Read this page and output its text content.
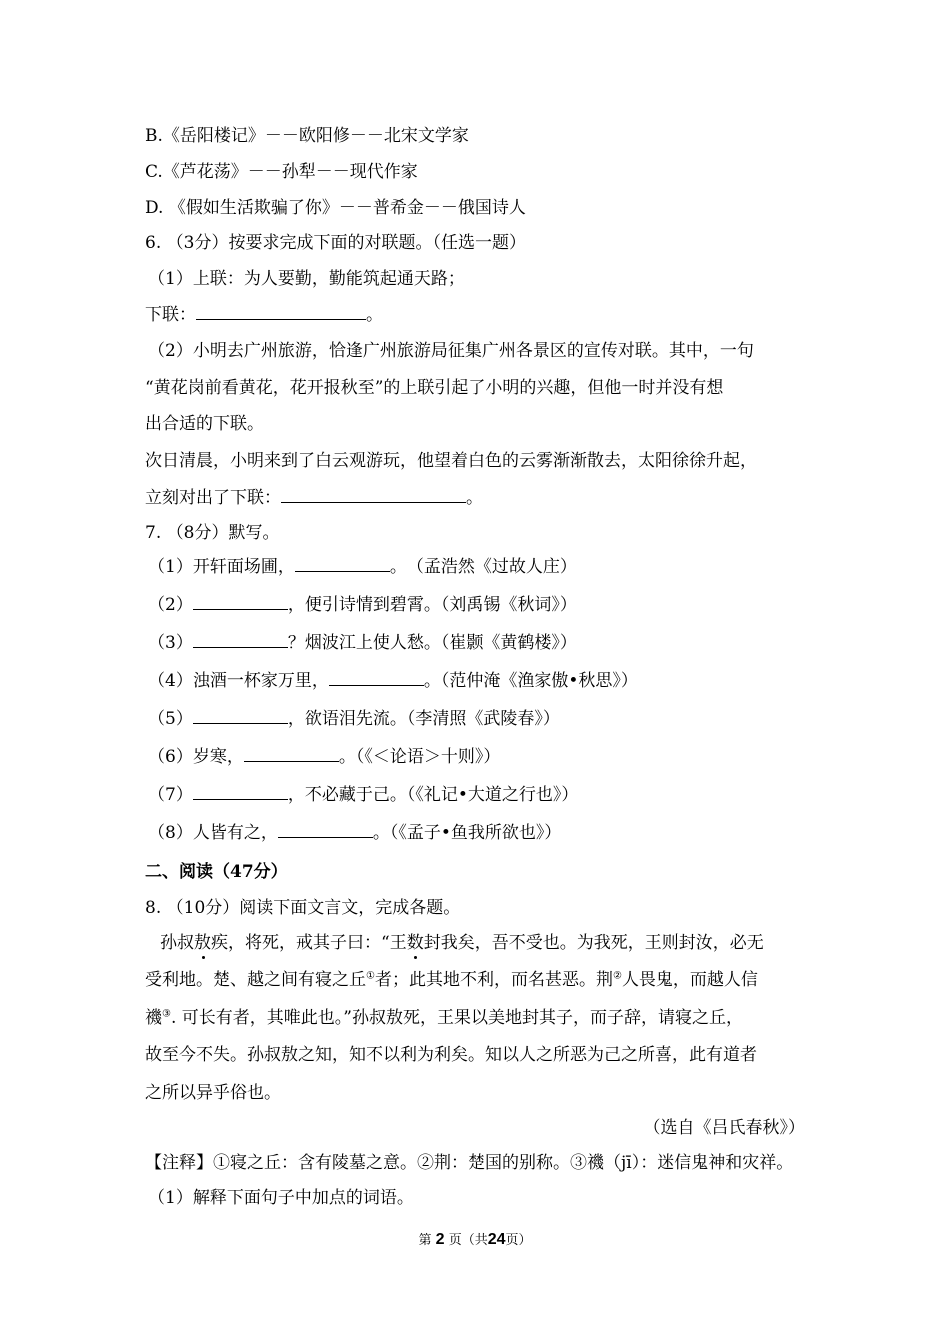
B.《岳阳楼记》－－欧阳修－－北宋文学家
C.《芦花荡》－－孙犁－－现代作家
D. 《假如生活欺骗了你》－－普希金－－俄国诗人
6. （3分）按要求完成下面的对联题。（任选一题）
（1）上联：为人要勤，勤能筑起通天路；
下联：	。
（2）小明去广州旅游，恰逢广州旅游局征集广州各景区的宣传对联。其中，一句
“黄花岗前看黄花，花开报秋至”的上联引起了小明的兴趣，但他一时并没有想
出合适的下联。
次日清晨，小明来到了白云观游玩，他望着白色的云雾渐渐散去，太阳徐徐升起，
立刻对出了下联：	。
7. （8分）默写。
（1）开轩面场圃，	。　（孟浩然《过故人庄）
（2）	，便引诗情到碧霄。（刘禹锡《秋词》）
（3）	？烟波江上使人愁。（崔颢《黄鹤楼》）
（4）浊酒一杯家万里，	。（范仲淹《渔家傲•秋思》）
（5）	，欲语泪先流。（李清照《武陵春》）
（6）岁寒，	。（《＜论语＞十则》）
（7）	，不必藏于己。（《礼记•大道之行也》）
（8）人皆有之，	。（《孟子•鱼我所欲也》）
二、阅读（47分）
8. （10分）阅读下面文言文，完成各题。
孙叔敖疾，将死，戒其子曰：“王数封我矣，吾不受也。为我死，王则封汝，必无
受利地。楚、越之间有寝之丘①者；此其地不利，而名甚恶。荆②人畏鬼，而越人信
禨③. 可长有者，其唯此也。”孙叔敖死，王果以美地封其子，而子辞，请寝之丘，
故至今不失。孙叔敖之知，知不以利为利矣。知以人之所恶为己之所喜，此有道者
之所以异乎俗也。
（选自《吕氏春秋》）
【注释】①寝之丘：含有陵墓之意。②荆：楚国的别称。③禨（jī）：迷信鬼神和灾祥。
（1）解释下面句子中加点的词语。
第 2 页（共24页）
